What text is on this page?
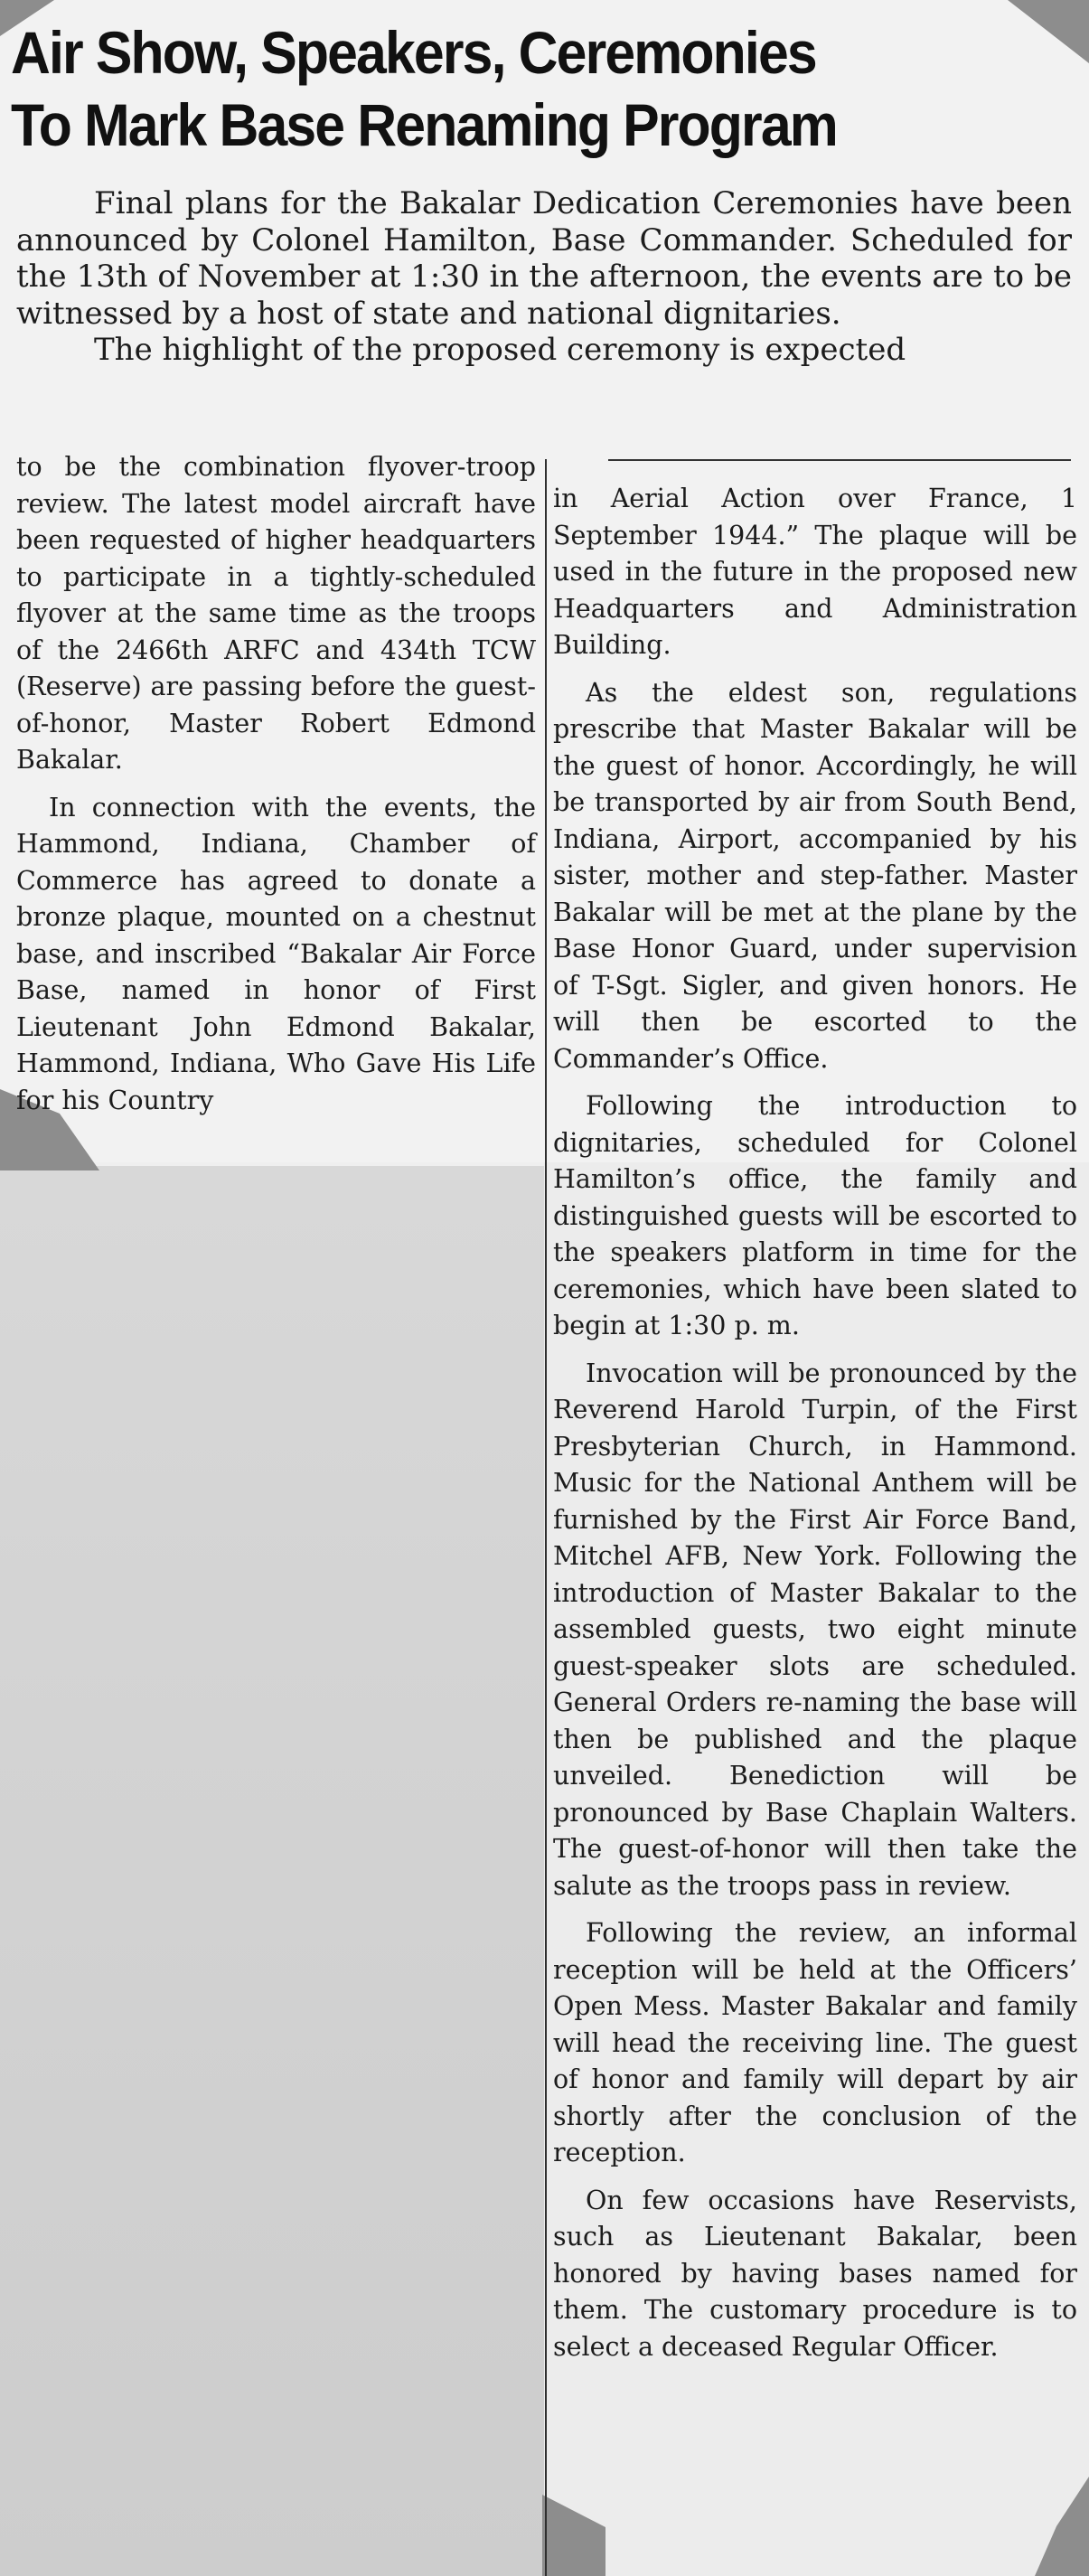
Air Show, Speakers, Ceremonies
To Mark Base Renaming Program

Final plans for the Bakalar Dedication Ceremonies have been announced by Colonel Hamilton, Base Commander. Scheduled for the 13th of November at 1:30 in the afternoon, the events are to be witnessed by a host of state and national dignitaries.

The highlight of the proposed ceremony is expected

to be the combination flyover-troop review. The latest model aircraft have been requested of higher headquarters to participate in a tightly-scheduled flyover at the same time as the troops of the 2466th ARFC and 434th TCW (Reserve) are passing before the guest-of-honor, Master Robert Edmond Bakalar.

In connection with the events, the Hammond, Indiana, Chamber of Commerce has agreed to donate a bronze plaque, mounted on a chestnut base, and inscribed “Bakalar Air Force Base, named in honor of First Lieutenant John Edmond Bakalar, Hammond, Indiana, Who Gave His Life for his Country

in Aerial Action over France, 1 September 1944.” The plaque will be used in the future in the proposed new Headquarters and Administration Building.

As the eldest son, regulations prescribe that Master Bakalar will be the guest of honor. Accordingly, he will be transported by air from South Bend, Indiana, Airport, accompanied by his sister, mother and step-father. Master Bakalar will be met at the plane by the Base Honor Guard, under supervision of T-Sgt. Sigler, and given honors. He will then be escorted to the Commander’s Office.

Following the introduction to dignitaries, scheduled for Colonel Hamilton’s office, the family and distinguished guests will be escorted to the speakers platform in time for the ceremonies, which have been slated to begin at 1:30 p. m.

Invocation will be pronounced by the Reverend Harold Turpin, of the First Presbyterian Church, in Hammond. Music for the National Anthem will be furnished by the First Air Force Band, Mitchel AFB, New York. Following the introduction of Master Bakalar to the assembled guests, two eight minute guest-speaker slots are scheduled. General Orders re-naming the base will then be published and the plaque unveiled. Benediction will be pronounced by Base Chaplain Walters. The guest-of-honor will then take the salute as the troops pass in review.

Following the review, an informal reception will be held at the Officers’ Open Mess. Master Bakalar and family will head the receiving line. The guest of honor and family will depart by air shortly after the conclusion of the reception.

On few occasions have Reservists, such as Lieutenant Bakalar, been honored by having bases named for them. The customary procedure is to select a deceased Regular Officer.
